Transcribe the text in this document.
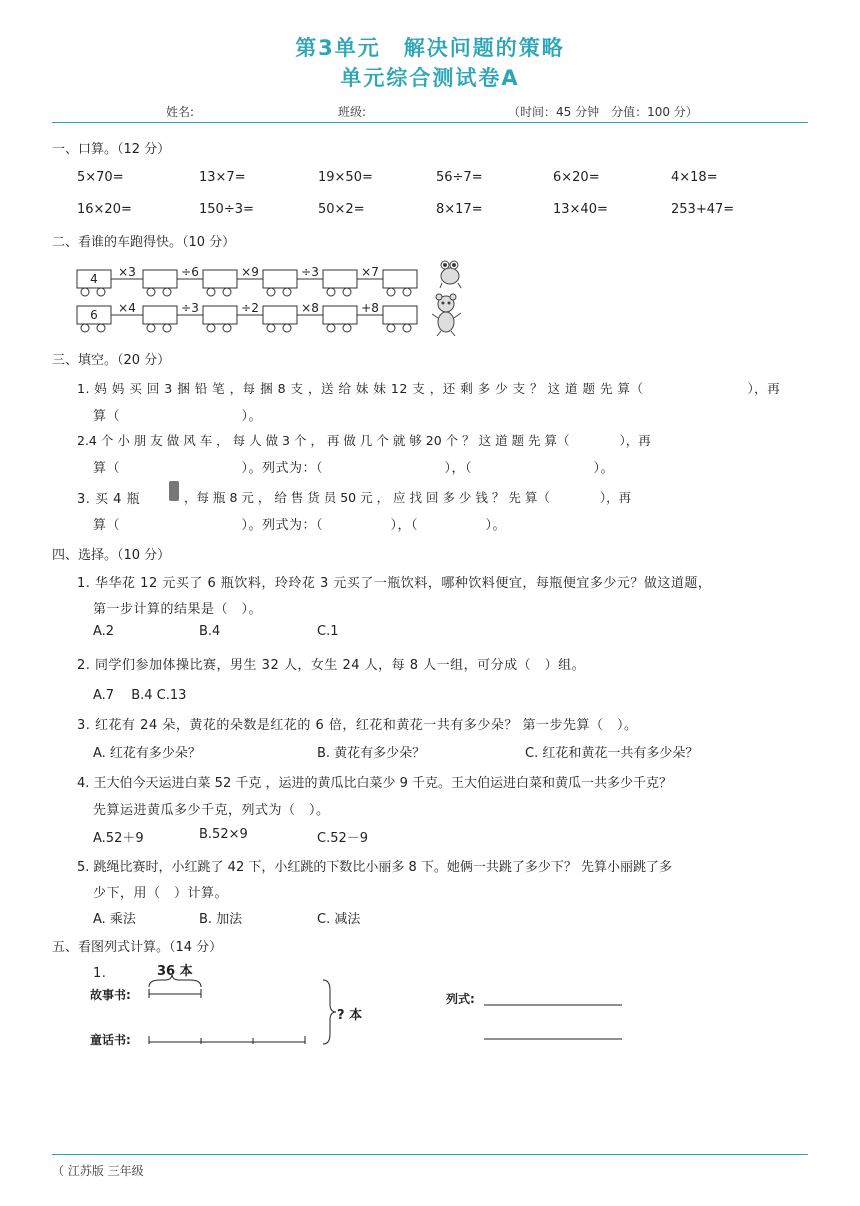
第3单元　解决问题的策略
单元综合测试卷A
姓名:	班级:	（时间：45 分钟　分值：100 分）
一、口算。（12 分）
5×70=	13×7=	19×50=	56÷7=	6×20=	4×18=
16×20=	150÷3=	50×2=	8×17=	13×40=	253+47=
二、看谁的车跑得快。（10 分）
4 ×3	÷6	×9	÷3	×7
6 ×4	÷3	÷2	×8	+8
三、填空。（20 分）
1. 妈 妈 买 回 3 捆 铅 笔 ，每 捆 8 支 ，送 给 妹 妹 12 支 ，还 剩 多 少 支 ？ 这 道 题 先 算（　　　　　　　　），再
算（　　　　　　　　　）。
2.4 个 小 朋 友 做 风 车 ， 每 人 做 3 个 ， 再 做 几 个 就 够 20 个 ？ 这 道 题 先 算（　　　　），再
算（　　　　　　　　　）。列式为：（　　　　　　　　　），（　　　　　　　　　）。
3. 买 4 瓶	，每 瓶 8 元 ， 给 售 货 员 50 元 ， 应 找 回 多 少 钱 ？ 先 算（　　　　），再
算（　　　　　　　　　）。列式为：（　　　　　），（　　　　　）。
四、选择。（10 分）
1. 华华花 12 元买了 6 瓶饮料，玲玲花 3 元买了一瓶饮料，哪种饮料便宜，每瓶便宜多少元？做这道题，
第一步计算的结果是（　）。
A.2	B.4	C.1
2. 同学们参加体操比赛，男生 32 人，女生 24 人，每 8 人一组，可分成（　）组。
A.7　 B.4 C.13
3. 红花有 24 朵，黄花的朵数是红花的 6 倍，红花和黄花一共有多少朵？ 第一步先算（　）。
A. 红花有多少朵？	B. 黄花有多少朵？	C. 红花和黄花一共有多少朵？
4. 王大伯今天运进白菜 52 千克 ，运进的黄瓜比白菜少 9 千克。王大伯运进白菜和黄瓜一共多少千克？
先算运进黄瓜多少千克，列式为（　）。
A.52＋9	B.52×9	C.52－9
5. 跳绳比赛时，小红跳了 42 下，小红跳的下数比小丽多 8 下。她俩一共跳了多少下？ 先算小丽跳了多
少下，用（　）计算。
A. 乘法	B. 加法	C. 减法
五、看图列式计算。（14 分）
1.	36 本
故事书:
童话书:
? 本
列式:
（ 江苏版 三年级
